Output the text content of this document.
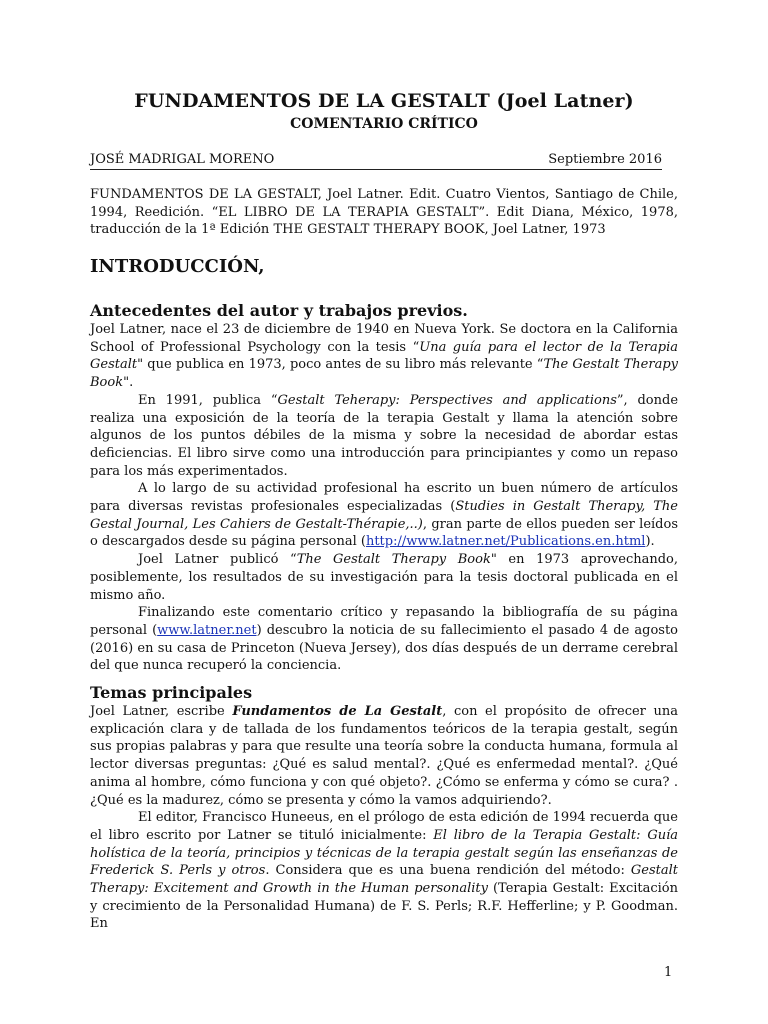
FUNDAMENTOS DE LA GESTALT (Joel Latner)
COMENTARIO CRÍTICO
JOSÉ MADRIGAL MORENO	Septiembre 2016

FUNDAMENTOS DE LA GESTALT, Joel Latner. Edit. Cuatro Vientos, Santiago de Chile, 1994, Reedición. “EL LIBRO DE LA TERAPIA GESTALT”. Edit Diana, México, 1978, traducción de la 1ª Edición THE GESTALT THERAPY BOOK, Joel Latner, 1973

INTRODUCCIÓN,
Antecedentes del autor y trabajos previos.

Joel Latner, nace el 23 de diciembre de 1940 en Nueva York. Se doctora en la California School of Professional Psychology con la tesis “Una guía para el lector de la Terapia Gestalt" que publica en 1973, poco antes de su libro más relevante “The Gestalt Therapy Book".

En 1991, publica “Gestalt Teherapy: Perspectives and applications”, donde realiza una exposición de la teoría de la terapia Gestalt y llama la atención sobre algunos de los puntos débiles de la misma y sobre la necesidad de abordar estas deficiencias. El libro sirve como una introducción para principiantes y como un repaso para los más experimentados.

A lo largo de su actividad profesional ha escrito un buen número de artículos para diversas revistas profesionales especializadas (Studies in Gestalt Therapy, The Gestal Journal, Les Cahiers de Gestalt-Thérapie,..), gran parte de ellos pueden ser leídos o descargados desde su página personal (http://www.latner.net/Publications.en.html).

Joel Latner publicó “The Gestalt Therapy Book" en 1973 aprovechando, posiblemente, los resultados de su investigación para la tesis doctoral publicada en el mismo año.

Finalizando este comentario crítico y repasando la bibliografía de su página personal (www.latner.net) descubro la noticia de su fallecimiento el pasado 4 de agosto (2016) en su casa de Princeton (Nueva Jersey), dos días después de un derrame cerebral del que nunca recuperó la conciencia.

Temas principales

Joel Latner, escribe Fundamentos de La Gestalt, con el propósito de ofrecer una explicación clara y de tallada de los fundamentos teóricos de la terapia gestalt, según sus propias palabras y para que resulte una teoría sobre la conducta humana, formula al lector diversas preguntas: ¿Qué es salud mental?. ¿Qué es enfermedad mental?. ¿Qué anima al hombre, cómo funciona y con qué objeto?. ¿Cómo se enferma y cómo se cura? . ¿Qué es la madurez, cómo se presenta y cómo la vamos adquiriendo?.

El editor, Francisco Huneeus, en el prólogo de esta edición de 1994 recuerda que el libro escrito por Latner se tituló inicialmente: El libro de la Terapia Gestalt: Guía holística de la teoría, principios y técnicas de la terapia gestalt según las enseñanzas de Frederick S. Perls y otros. Considera que es una buena rendición del método: Gestalt Therapy: Excitement and Growth in the Human personality (Terapia Gestalt: Excitación y crecimiento de la Personalidad Humana) de F. S. Perls; R.F. Hefferline; y P. Goodman. En

1
